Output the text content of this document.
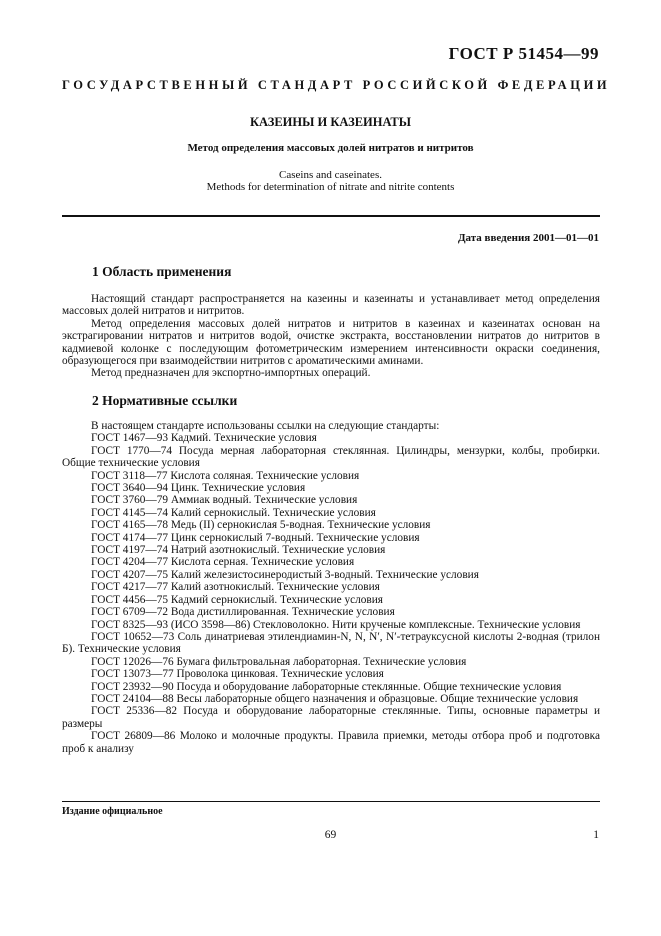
ГОСТ Р 51454—99
ГОСУДАРСТВЕННЫЙ СТАНДАРТ РОССИЙСКОЙ ФЕДЕРАЦИИ
КАЗЕИНЫ И КАЗЕИНАТЫ
Метод определения массовых долей нитратов и нитритов
Caseins and caseinates.
Methods for determination of nitrate and nitrite contents
Дата введения 2001—01—01
1 Область применения

Настоящий стандарт распространяется на казеины и казеинаты и устанавливает метод определения массовых долей нитратов и нитритов.

Метод определения массовых долей нитратов и нитритов в казеинах и казеинатах основан на экстрагировании нитратов и нитритов водой, очистке экстракта, восстановлении нитратов до нитритов в кадмиевой колонке с последующим фотометрическим измерением интенсивности окраски соединения, образующегося при взаимодействии нитритов с ароматическими аминами.

Метод предназначен для экспортно-импортных операций.

2 Нормативные ссылки

В настоящем стандарте использованы ссылки на следующие стандарты:

ГОСТ 1467—93 Кадмий. Технические условия

ГОСТ 1770—74 Посуда мерная лабораторная стеклянная. Цилиндры, мензурки, колбы, пробирки. Общие технические условия

ГОСТ 3118—77 Кислота соляная. Технические условия

ГОСТ 3640—94 Цинк. Технические условия

ГОСТ 3760—79 Аммиак водный. Технические условия

ГОСТ 4145—74 Калий сернокислый. Технические условия

ГОСТ 4165—78 Медь (II) сернокислая 5-водная. Технические условия

ГОСТ 4174—77 Цинк сернокислый 7-водный. Технические условия

ГОСТ 4197—74 Натрий азотнокислый. Технические условия

ГОСТ 4204—77 Кислота серная. Технические условия

ГОСТ 4207—75 Калий железистосинеродистый 3-водный. Технические условия

ГОСТ 4217—77 Калий азотнокислый. Технические условия

ГОСТ 4456—75 Кадмий сернокислый. Технические условия

ГОСТ 6709—72 Вода дистиллированная. Технические условия

ГОСТ 8325—93 (ИСО 3598—86) Стекловолокно. Нити крученые комплексные. Технические условия

ГОСТ 10652—73 Соль динатриевая этилендиамин-N, N, N′, N′-тетрауксусной кислоты 2-водная (трилон Б). Технические условия

ГОСТ 12026—76 Бумага фильтровальная лабораторная. Технические условия

ГОСТ 13073—77 Проволока цинковая. Технические условия

ГОСТ 23932—90 Посуда и оборудование лабораторные стеклянные. Общие технические условия

ГОСТ 24104—88 Весы лабораторные общего назначения и образцовые. Общие технические условия

ГОСТ 25336—82 Посуда и оборудование лабораторные стеклянные. Типы, основные параметры и размеры

ГОСТ 26809—86 Молоко и молочные продукты. Правила приемки, методы отбора проб и подготовка проб к анализу

Издание официальное
69	1
